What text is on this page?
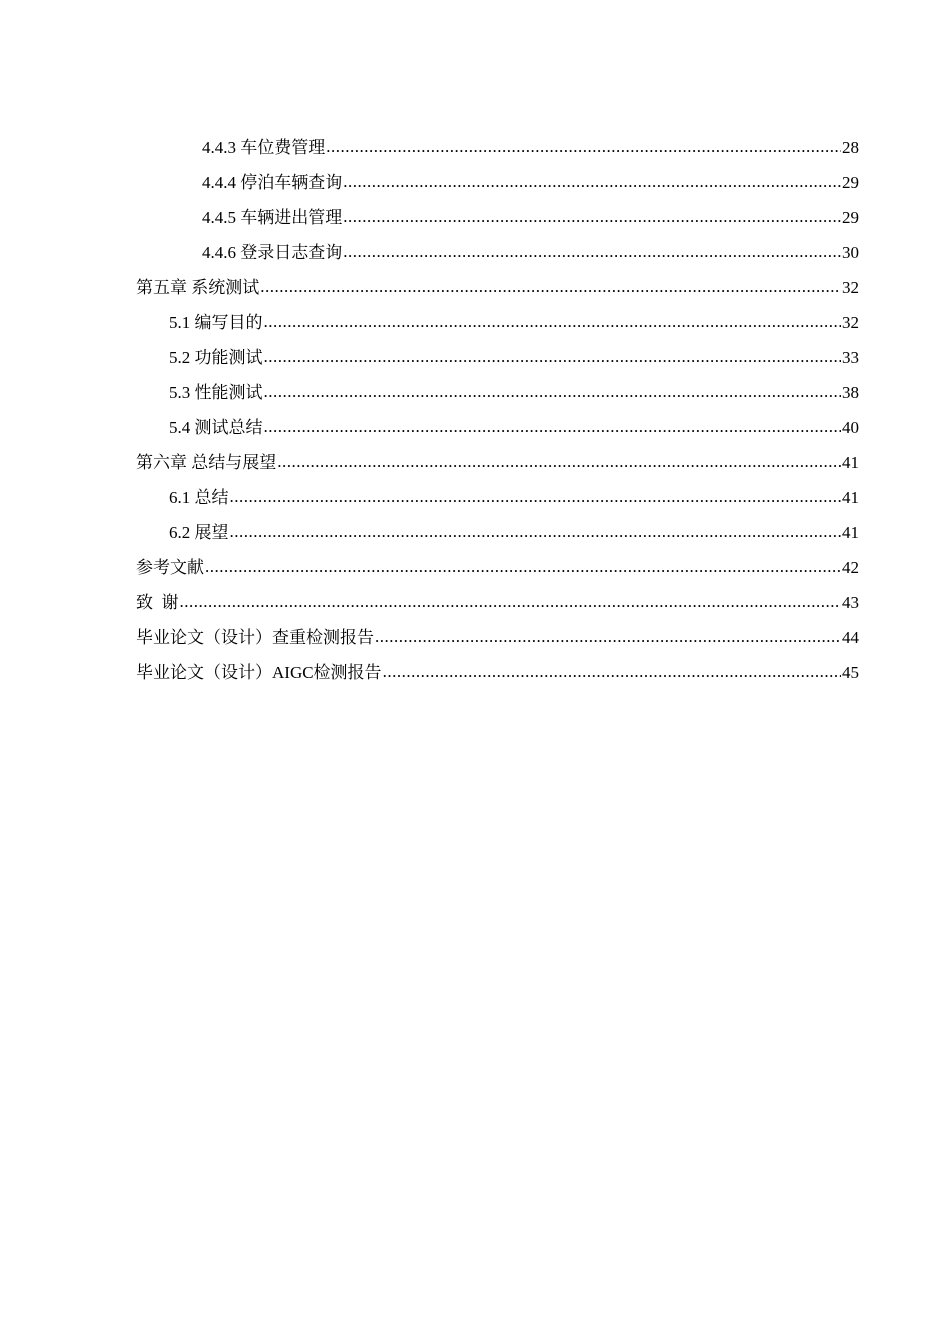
4.4.3 车位费管理 .....	28
4.4.4 停泊车辆查询 .....	29
4.4.5 车辆进出管理 .....	29
4.4.6 登录日志查询 .....	30
第五章 系统测试 .....	32
5.1 编写目的 .....	32
5.2 功能测试 .....	33
5.3 性能测试 .....	38
5.4 测试总结 .....	40
第六章 总结与展望 .....	41
6.1 总结 .....	41
6.2 展望 .....	41
参考文献 .....	42
致  谢 .....	43
毕业论文（设计）查重检测报告 .....	44
毕业论文（设计）AIGC检测报告 .....	45
